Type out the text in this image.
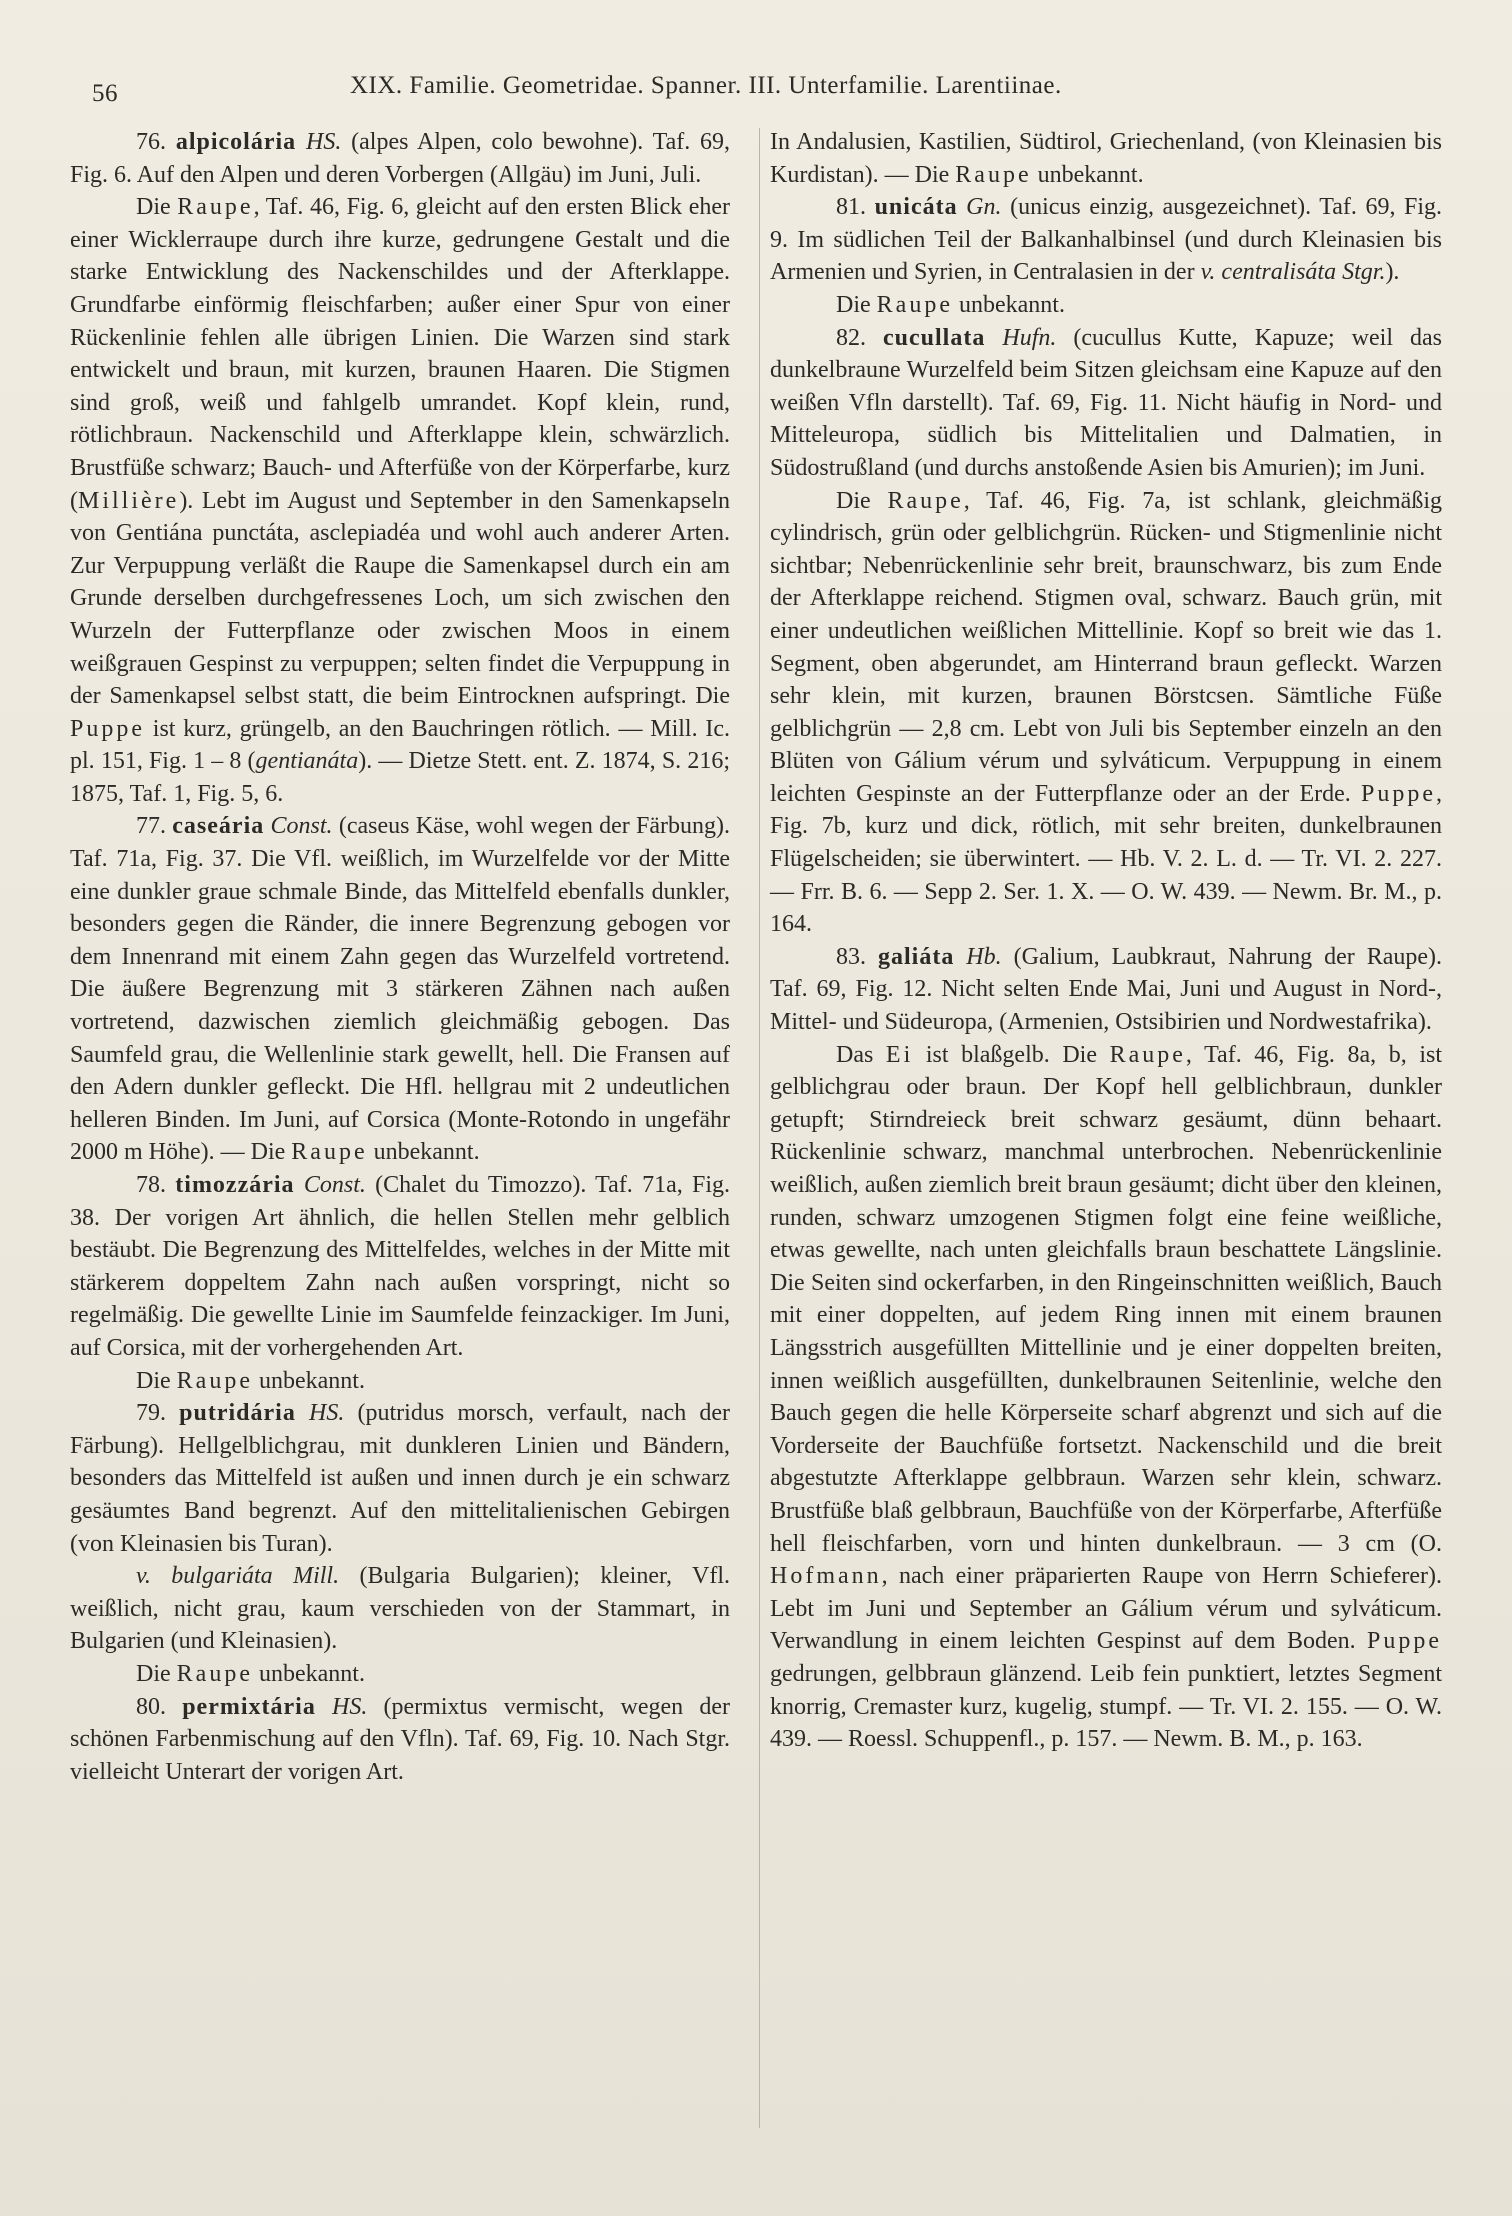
56	XIX. Familie. Geometridae. Spanner. III. Unterfamilie. Larentiinae.

76. alpicolária HS. (alpes Alpen, colo bewohne). Taf. 69, Fig. 6. Auf den Alpen und deren Vorbergen (Allgäu) im Juni, Juli.

Die Raupe, Taf. 46, Fig. 6, gleicht auf den ersten Blick eher einer Wicklerraupe durch ihre kurze, gedrungene Gestalt und die starke Entwicklung des Nackenschildes und der Afterklappe. Grundfarbe einförmig fleischfarben; außer einer Spur von einer Rückenlinie fehlen alle übrigen Linien. Die Warzen sind stark entwickelt und braun, mit kurzen, braunen Haaren. Die Stigmen sind groß, weiß und fahlgelb umrandet. Kopf klein, rund, rötlichbraun. Nackenschild und Afterklappe klein, schwärzlich. Brustfüße schwarz; Bauch- und Afterfüße von der Körperfarbe, kurz (Millière). Lebt im August und September in den Samenkapseln von Gentiána punctáta, asclepiadéa und wohl auch anderer Arten. Zur Verpuppung verläßt die Raupe die Samenkapsel durch ein am Grunde derselben durchgefressenes Loch, um sich zwischen den Wurzeln der Futterpflanze oder zwischen Moos in einem weißgrauen Gespinst zu verpuppen; selten findet die Verpuppung in der Samenkapsel selbst statt, die beim Eintrocknen aufspringt. Die Puppe ist kurz, grüngelb, an den Bauchringen rötlich. — Mill. Ic. pl. 151, Fig. 1 – 8 (gentianáta). — Dietze Stett. ent. Z. 1874, S. 216; 1875, Taf. 1, Fig. 5, 6.

77. caseária Const. (caseus Käse, wohl wegen der Färbung). Taf. 71a, Fig. 37. Die Vfl. weißlich, im Wurzelfelde vor der Mitte eine dunkler graue schmale Binde, das Mittelfeld ebenfalls dunkler, besonders gegen die Ränder, die innere Begrenzung gebogen vor dem Innenrand mit einem Zahn gegen das Wurzelfeld vortretend. Die äußere Begrenzung mit 3 stärkeren Zähnen nach außen vortretend, dazwischen ziemlich gleichmäßig gebogen. Das Saumfeld grau, die Wellenlinie stark gewellt, hell. Die Fransen auf den Adern dunkler gefleckt. Die Hfl. hellgrau mit 2 undeutlichen helleren Binden. Im Juni, auf Corsica (Monte-Rotondo in ungefähr 2000 m Höhe). — Die Raupe unbekannt.

78. timozzária Const. (Chalet du Timozzo). Taf. 71a, Fig. 38. Der vorigen Art ähnlich, die hellen Stellen mehr gelblich bestäubt. Die Begrenzung des Mittelfeldes, welches in der Mitte mit stärkerem doppeltem Zahn nach außen vorspringt, nicht so regelmäßig. Die gewellte Linie im Saumfelde feinzackiger. Im Juni, auf Corsica, mit der vorhergehenden Art.

Die Raupe unbekannt.

79. putridária HS. (putridus morsch, verfault, nach der Färbung). Hellgelblichgrau, mit dunkleren Linien und Bändern, besonders das Mittelfeld ist außen und innen durch je ein schwarz gesäumtes Band begrenzt. Auf den mittelitalienischen Gebirgen (von Kleinasien bis Turan).

v. bulgariáta Mill. (Bulgaria Bulgarien); kleiner, Vfl. weißlich, nicht grau, kaum verschieden von der Stammart, in Bulgarien (und Kleinasien).

Die Raupe unbekannt.

80. permixtária HS. (permixtus vermischt, wegen der schönen Farbenmischung auf den Vfln). Taf. 69, Fig. 10. Nach Stgr. vielleicht Unterart der vorigen Art.

In Andalusien, Kastilien, Südtirol, Griechenland, (von Kleinasien bis Kurdistan). — Die Raupe unbekannt.

81. unicáta Gn. (unicus einzig, ausgezeichnet). Taf. 69, Fig. 9. Im südlichen Teil der Balkanhalbinsel (und durch Kleinasien bis Armenien und Syrien, in Centralasien in der v. centralisáta Stgr.).

Die Raupe unbekannt.

82. cucullata Hufn. (cucullus Kutte, Kapuze; weil das dunkelbraune Wurzelfeld beim Sitzen gleichsam eine Kapuze auf den weißen Vfln darstellt). Taf. 69, Fig. 11. Nicht häufig in Nord- und Mitteleuropa, südlich bis Mittelitalien und Dalmatien, in Südostrußland (und durchs anstoßende Asien bis Amurien); im Juni.

Die Raupe, Taf. 46, Fig. 7a, ist schlank, gleichmäßig cylindrisch, grün oder gelblichgrün. Rücken- und Stigmenlinie nicht sichtbar; Nebenrückenlinie sehr breit, braunschwarz, bis zum Ende der Afterklappe reichend. Stigmen oval, schwarz. Bauch grün, mit einer undeutlichen weißlichen Mittellinie. Kopf so breit wie das 1. Segment, oben abgerundet, am Hinterrand braun gefleckt. Warzen sehr klein, mit kurzen, braunen Börstcsen. Sämtliche Füße gelblichgrün — 2,8 cm. Lebt von Juli bis September einzeln an den Blüten von Gálium vérum und sylváticum. Verpuppung in einem leichten Gespinste an der Futterpflanze oder an der Erde. Puppe, Fig. 7b, kurz und dick, rötlich, mit sehr breiten, dunkelbraunen Flügelscheiden; sie überwintert. — Hb. V. 2. L. d. — Tr. VI. 2. 227. — Frr. B. 6. — Sepp 2. Ser. 1. X. — O. W. 439. — Newm. Br. M., p. 164.

83. galiáta Hb. (Galium, Laubkraut, Nahrung der Raupe). Taf. 69, Fig. 12. Nicht selten Ende Mai, Juni und August in Nord-, Mittel- und Südeuropa, (Armenien, Ostsibirien und Nordwestafrika).

Das Ei ist blaßgelb. Die Raupe, Taf. 46, Fig. 8a, b, ist gelblichgrau oder braun. Der Kopf hell gelblichbraun, dunkler getupft; Stirndreieck breit schwarz gesäumt, dünn behaart. Rückenlinie schwarz, manchmal unterbrochen. Nebenrückenlinie weißlich, außen ziemlich breit braun gesäumt; dicht über den kleinen, runden, schwarz umzogenen Stigmen folgt eine feine weißliche, etwas gewellte, nach unten gleichfalls braun beschattete Längslinie. Die Seiten sind ockerfarben, in den Ringeinschnitten weißlich, Bauch mit einer doppelten, auf jedem Ring innen mit einem braunen Längsstrich ausgefüllten Mittellinie und je einer doppelten breiten, innen weißlich ausgefüllten, dunkelbraunen Seitenlinie, welche den Bauch gegen die helle Körperseite scharf abgrenzt und sich auf die Vorderseite der Bauchfüße fortsetzt. Nackenschild und die breit abgestutzte Afterklappe gelbbraun. Warzen sehr klein, schwarz. Brustfüße blaß gelbbraun, Bauchfüße von der Körperfarbe, Afterfüße hell fleischfarben, vorn und hinten dunkelbraun. — 3 cm (O. Hofmann, nach einer präparierten Raupe von Herrn Schieferer). Lebt im Juni und September an Gálium vérum und sylváticum. Verwandlung in einem leichten Gespinst auf dem Boden. Puppe gedrungen, gelbbraun glänzend. Leib fein punktiert, letztes Segment knorrig, Cremaster kurz, kugelig, stumpf. — Tr. VI. 2. 155. — O. W. 439. — Roessl. Schuppenfl., p. 157. — Newm. B. M., p. 163.
